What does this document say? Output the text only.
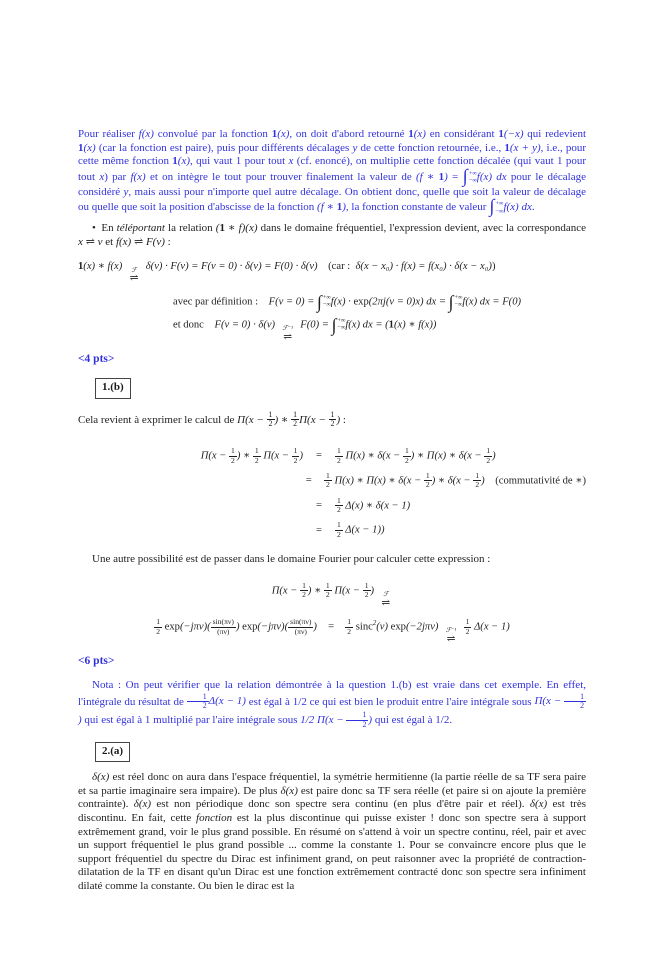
Pour réaliser f(x) convolué par la fonction 1(x), on doit d'abord retourné 1(x) en considérant 1(−x) qui redevient 1(x) (car la fonction est paire), puis pour différents décalages y de cette fonction retournée, i.e., 1(x + y), i.e., pour cette même fonction 1(x), qui vaut 1 pour tout x (cf. enoncé), on multiplie cette fonction décalée (qui vaut 1 pour tout x) par f(x) et on intègre le tout pour trouver finalement la valeur de (f ∗ 1) = ∫ +∞
−∞ f(x) dx pour le décalage considéré y, mais aussi pour n'importe quel autre décalage. On obtient donc, quelle que soit la valeur de décalage ou quelle que soit la position d'abscisse de la fonction (f ∗ 1), la fonction constante de valeur ∫ +∞
−∞ f(x) dx.

• En téléportant la relation (1 ∗ f)(x) dans le domaine fréquentiel, l'expression devient, avec la correspondance x ⇌ ν et f(x) ⇌ F(ν) :

1(x) ∗ f(x)  ℱ
⇌
 δ(ν) · F(ν) = F(ν = 0) · δ(ν) = F(0) · δ(ν) (car : δ(x − x₀) · f(x) = f(x₀) · δ(x − x₀))
avec par définition : F(ν = 0) = ∫ +∞
−∞ f(x) · exp(2πj(ν = 0)x) dx = ∫ +∞
−∞ f(x) dx = F(0)
et donc F(ν = 0) · δ(ν)  ℱ⁻¹
⇌
 F(0) = ∫ +∞
−∞ f(x) dx = (1(x) ∗ f(x))
<4 pts>
1.(b)

Cela revient à exprimer le calcul de $\Pi(x - \frac{1}{2}$ ) ∗ $\frac{1}{2} \Pi(x - \frac{1}{2}$ ) :

$\Pi(x - \frac{1}{2}$ ) ∗ $\frac{1}{2} \Pi(x - \frac{1}{2}$ )	=	$\frac{1}{2} \Pi(x)$ ∗ $\delta(x - \frac{1}{2}$ ) ∗ Π(x) ∗ $\delta(x - \frac{1}{2}$ )
=	$\frac{1}{2} \Pi(x)$ ∗ Π(x) ∗ $\delta(x - \frac{1}{2}$ ) ∗ $\delta(x - \frac{1}{2}$ ) (commutativité de ∗)
=	$\frac{1}{2} \Delta(x)$ ∗ δ(x − 1)
=	$\frac{1}{2} \Delta(x - 1)$)

Une autre possibilité est de passer dans le domaine Fourier pour calculer cette expression :

$\Pi(x - \frac{1}{2}$ ) ∗ $\frac{1}{2} \Pi(x - \frac{1}{2}$ )  ℱ
⇌
$\frac{1}{2} \exp(-j\pi\nu)( \frac{\sin(\pi\nu)}{(\pi\nu)}$ ) $\exp(-j\pi\nu)( \frac{\sin(\pi\nu)}{(\pi\nu)}$ ) =  $\frac{1}{2} \sin c^2(\nu)$ exp(−2jπν)  ℱ⁻¹
⇌

$\frac{1}{2} \Delta(x - 1)$
<6 pts>

Nota : On peut vérifier que la relation démontrée à la question 1.(b) est vraie dans cet exemple. En effet, l'intégrale du résultat de $\frac{1}{2} \Delta(x - 1)$ est égal à 1/2 ce qui est bien le produit entre l'aire intégrale sous $\Pi(x - \frac{1}{2}$
) qui est égal à 1 multiplié par l'aire intégrale sous 1/2 $\Pi(x - \frac{1}{2}$ ) qui est égal à 1/2.

2.(a)

δ(x) est réel donc on aura dans l'espace fréquentiel, la symétrie hermitienne (la partie réelle de sa TF sera paire et sa partie imaginaire sera impaire). De plus δ(x) est paire donc sa TF sera réelle (et paire si on ajoute la première contrainte). δ(x) est non périodique donc son spectre sera continu (en plus d'être pair et réel). δ(x) est très discontinu. En fait, cette fonction est la plus discontinue qui puisse exister ! donc son spectre sera à support extrêmement grand, voir le plus grand possible. En résumé on s'attend à voir un spectre continu, réel, pair et avec un support fréquentiel le plus grand possible ... comme la constante 1. Pour se convaincre encore plus que le support fréquentiel du spectre du Dirac est infiniment grand, on peut raisonner avec la propriété de contraction-dilatation de la TF en disant qu'un Dirac est une fonction extrêmement contracté donc son spectre sera infiniment dilaté comme la constante. Ou bien le dirac est la
